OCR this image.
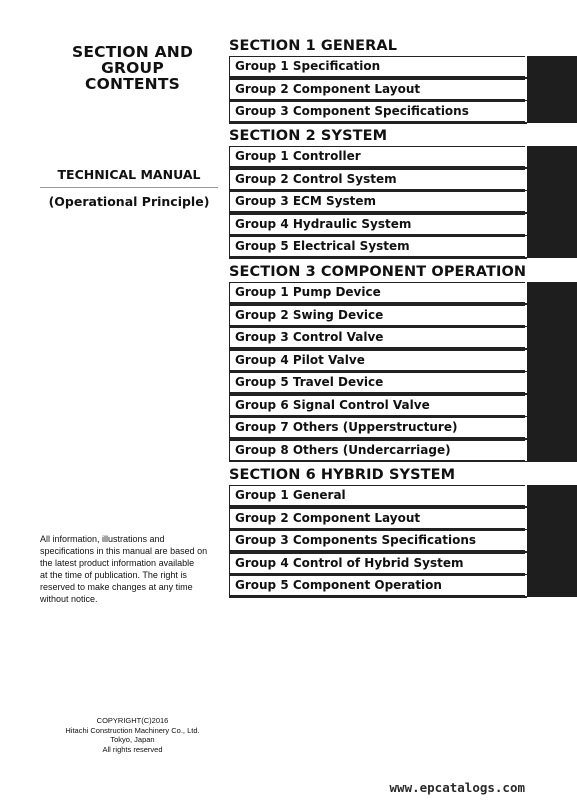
SECTION AND GROUP
CONTENTS
TECHNICAL MANUAL
(Operational Principle)
All information, illustrations and
specifications in this manual are based on
the latest product information available
at the time of publication. The right is
reserved to make changes at any time
without notice.
COPYRIGHT(C)2016
Hitachi Construction Machinery Co., Ltd.
Tokyo, Japan
All rights reserved
SECTION 1 GENERAL
Group 1 Specification
Group 2 Component Layout
Group 3 Component Specifications
SECTION 2 SYSTEM
Group 1 Controller
Group 2 Control System
Group 3 ECM System
Group 4 Hydraulic System
Group 5 Electrical System
SECTION 3 COMPONENT OPERATION
Group 1 Pump Device
Group 2 Swing Device
Group 3 Control Valve
Group 4 Pilot Valve
Group 5 Travel Device
Group 6 Signal Control Valve
Group 7 Others (Upperstructure)
Group 8 Others (Undercarriage)
SECTION 6 HYBRID SYSTEM
Group 1 General
Group 2 Component Layout
Group 3 Components Specifications
Group 4 Control of Hybrid System
Group 5 Component Operation
www.epcatalogs.com
